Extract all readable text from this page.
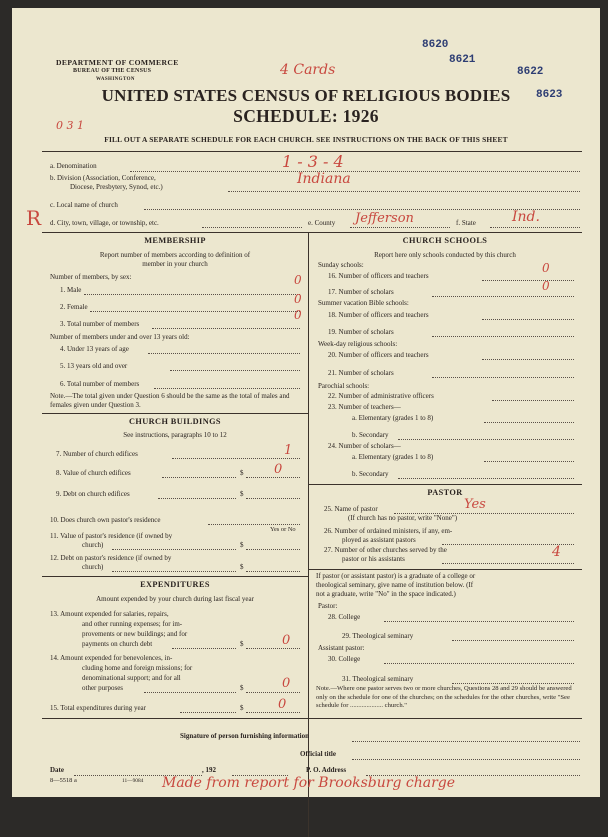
DEPARTMENT OF COMMERCE
BUREAU OF THE CENSUS
WASHINGTON
UNITED STATES CENSUS OF RELIGIOUS BODIES
SCHEDULE: 1926
FILL OUT A SEPARATE SCHEDULE FOR EACH CHURCH. SEE INSTRUCTIONS ON THE BACK OF THIS SHEET
8620
8621
8622
8623
4 Cards
0 3 1
R
a. Denomination	1 - 3 - 4
b. Division (Association, Conference,
Diocese, Presbytery, Synod, etc.)	Indiana
c. Local name of church
d. City, town, village, or township, etc.	e. County Jefferson	f. State	Ind.
MEMBERSHIP
Report number of members according to definition of
member in your church
Number of members, by sex:
1. Male
0
2. Female
0
3. Total number of members
0
Number of members under and over 13 years old:
4. Under 13 years of age
5. 13 years old and over
6. Total number of members
Note.—The total given under Question 6 should be the same as the total of males and females given under Question 3.
CHURCH BUILDINGS
See instructions, paragraphs 10 to 12
7. Number of church edifices	1
8. Value of church edifices	$ 0
9. Debt on church edifices	$
10. Does church own pastor's residence
Yes or No
11. Value of pastor's residence (if owned by
church)	$
12. Debt on pastor's residence (if owned by
church)	$
EXPENDITURES
Amount expended by your church during last fiscal year
13. Amount expended for salaries, repairs,
and other running expenses; for im-
provements or new buildings; and for
payments on church debt	$	0
14. Amount expended for benevolences, in-
cluding home and foreign missions; for
denominational support; and for all
other purposes	$	0
15. Total expenditures during year	$	0
CHURCH SCHOOLS
Report here only schools conducted by this church
Sunday schools:
16. Number of officers and teachers
0
17. Number of scholars	0
Summer vacation Bible schools:
18. Number of officers and teachers
19. Number of scholars
Week-day religious schools:
20. Number of officers and teachers
21. Number of scholars
Parochial schools:
22. Number of administrative officers
23. Number of teachers—
a. Elementary (grades 1 to 8)
b. Secondary
24. Number of scholars—
a. Elementary (grades 1 to 8)
b. Secondary
PASTOR
25. Name of pastor	Yes
(If church has no pastor, write "None")
26. Number of ordained ministers, if any, em-
ployed as assistant pastors
27. Number of other churches served by the
pastor or his assistants	4
If pastor (or assistant pastor) is a graduate of a college or
theological seminary, give name of institution below. (If
not a graduate, write "No" in the space indicated.)
Pastor:
28. College
29. Theological seminary
Assistant pastor:
30. College
31. Theological seminary
Note.—Where one pastor serves two or more churches, Questions 28 and 29 should be answered only on the schedule for one of the churches; on the schedules for the other churches, write "See schedule for .................... church."
Signature of person furnishing information
Official title
Date	, 192	P. O. Address
8—5518 a	11—9084 Made from report for Brooksburg charge
